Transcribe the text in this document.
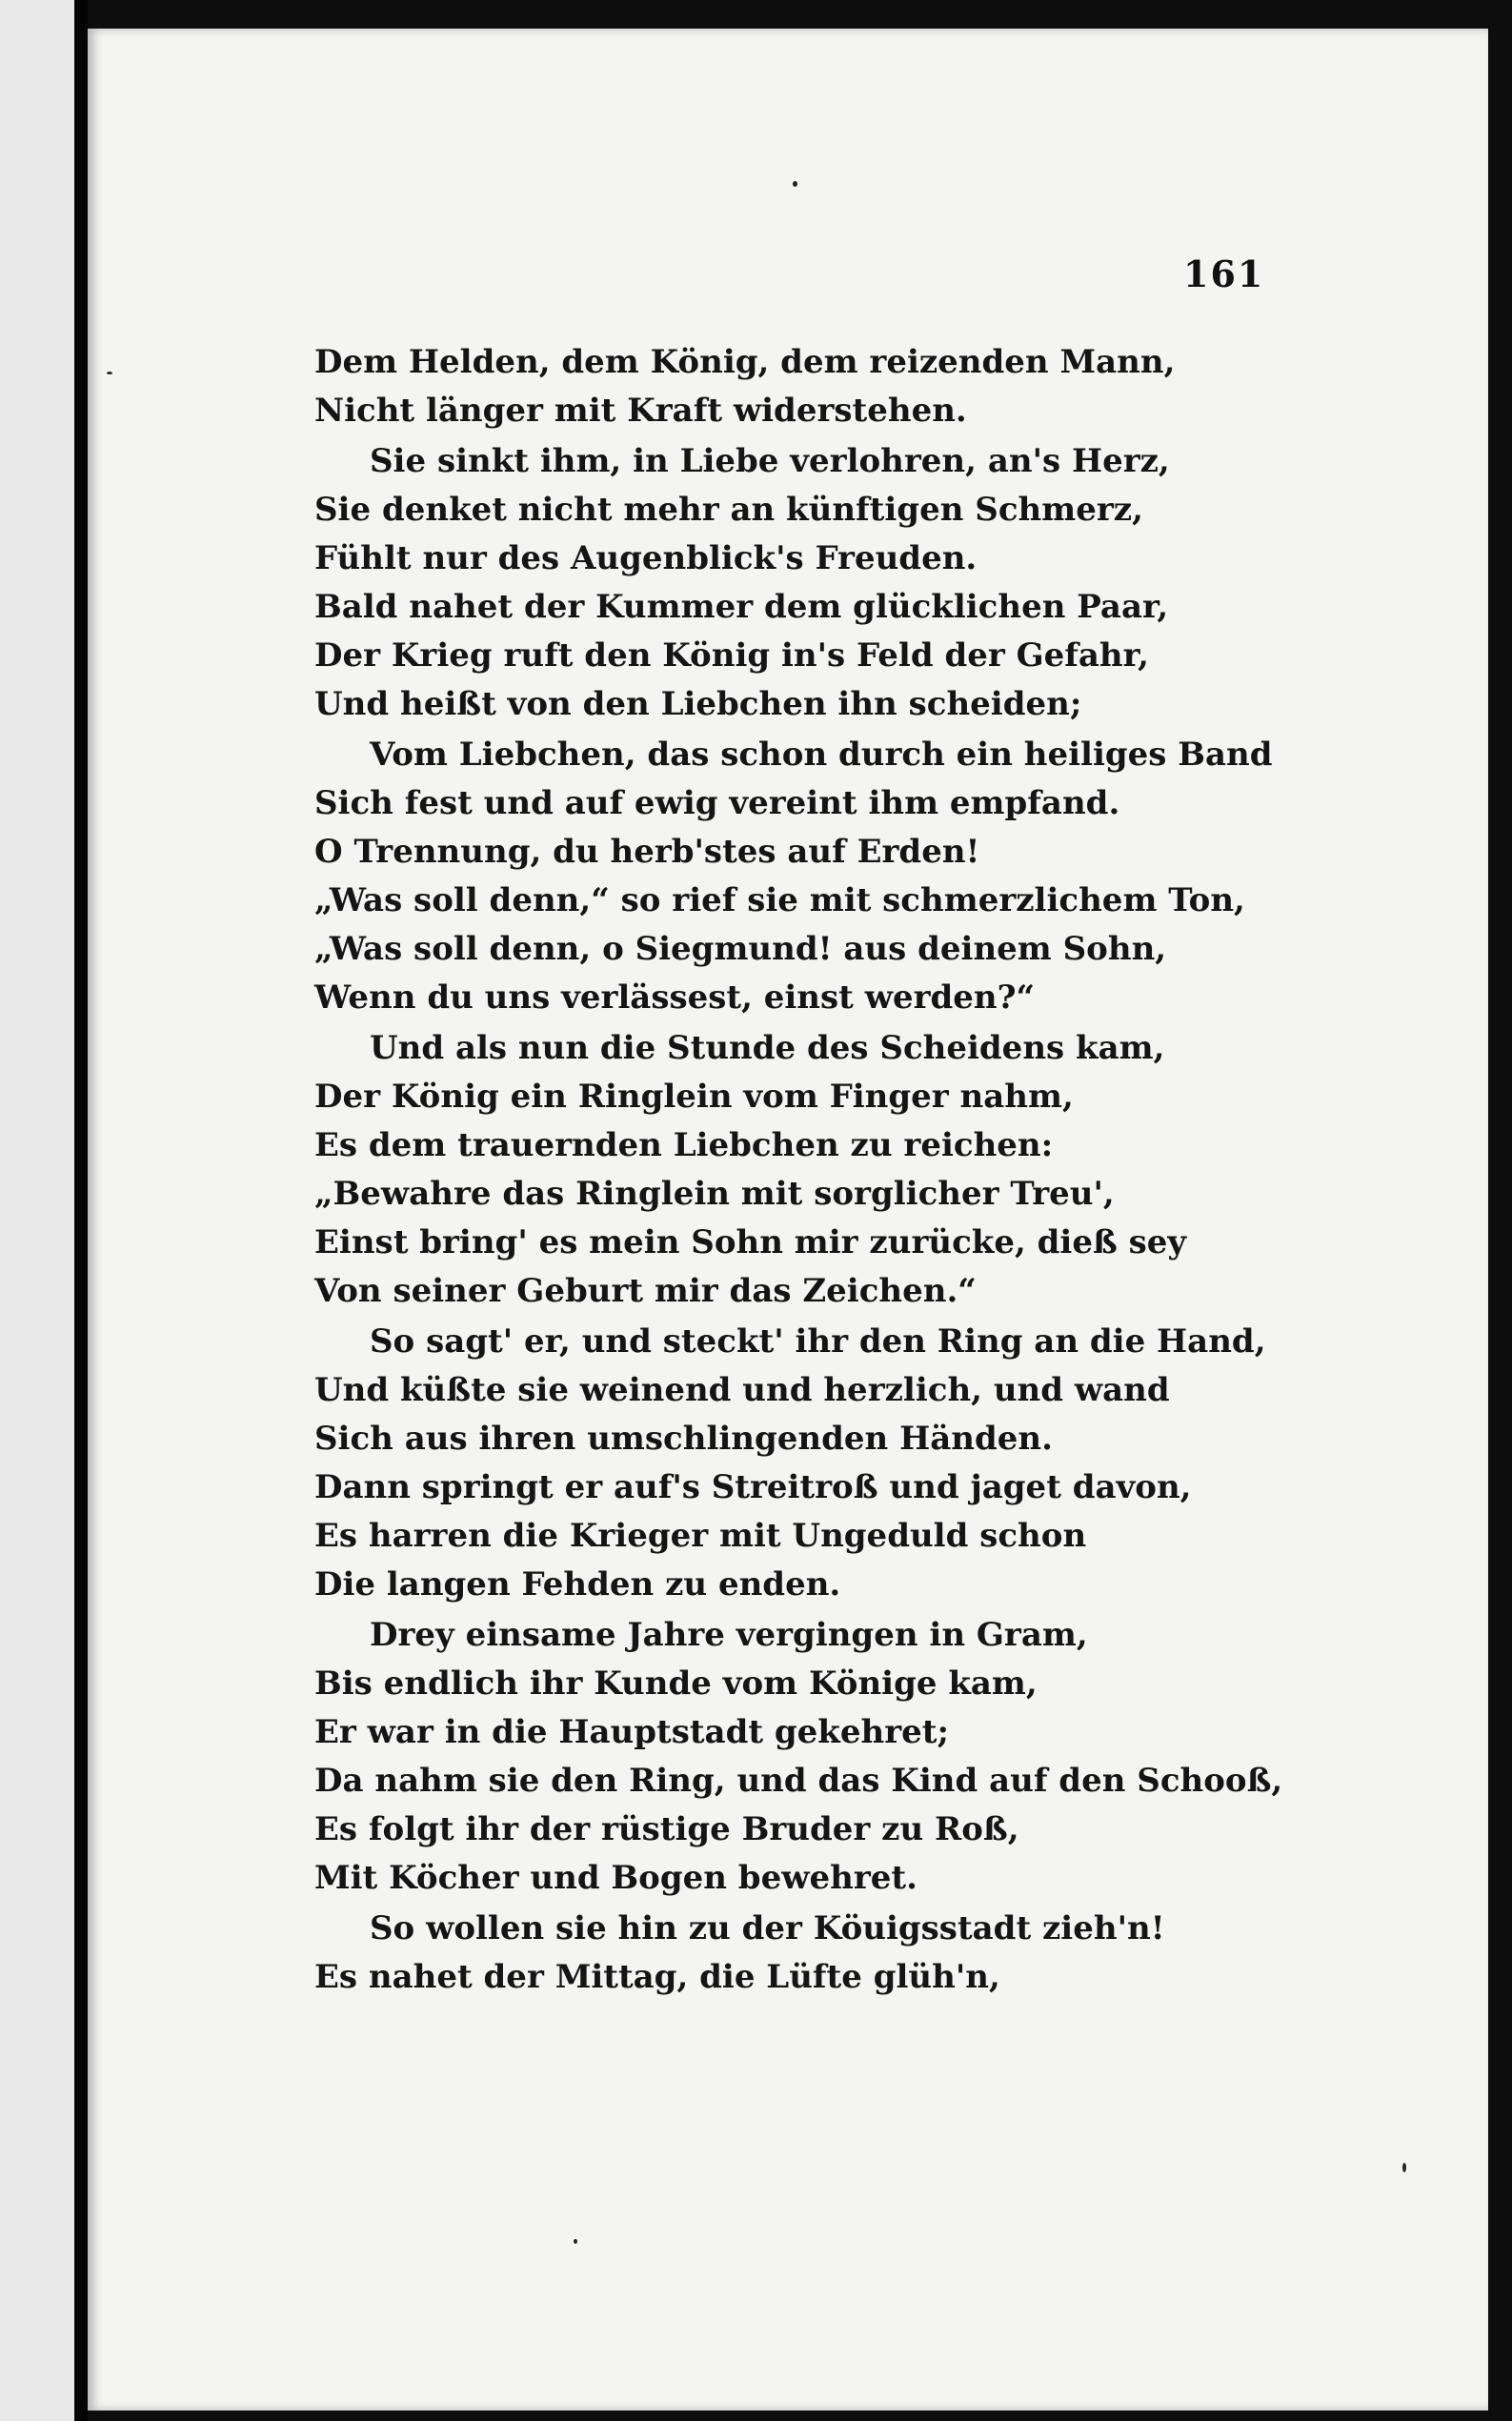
161
Dem Helden, dem König, dem reizenden Mann,
Nicht länger mit Kraft widerstehen.
Sie sinkt ihm, in Liebe verlohren, an's Herz,
Sie denket nicht mehr an künftigen Schmerz,
Fühlt nur des Augenblick's Freuden.
Bald nahet der Kummer dem glücklichen Paar,
Der Krieg ruft den König in's Feld der Gefahr,
Und heißt von den Liebchen ihn scheiden;
Vom Liebchen, das schon durch ein heiliges Band
Sich fest und auf ewig vereint ihm empfand.
O Trennung, du herb'stes auf Erden!
„Was soll denn,“ so rief sie mit schmerzlichem Ton,
„Was soll denn, o Siegmund! aus deinem Sohn,
Wenn du uns verlässest, einst werden?“
Und als nun die Stunde des Scheidens kam,
Der König ein Ringlein vom Finger nahm,
Es dem trauernden Liebchen zu reichen:
„Bewahre das Ringlein mit sorglicher Treu',
Einst bring' es mein Sohn mir zurücke, dieß sey
Von seiner Geburt mir das Zeichen.“
So sagt' er, und steckt' ihr den Ring an die Hand,
Und küßte sie weinend und herzlich, und wand
Sich aus ihren umschlingenden Händen.
Dann springt er auf's Streitroß und jaget davon,
Es harren die Krieger mit Ungeduld schon
Die langen Fehden zu enden.
Drey einsame Jahre vergingen in Gram,
Bis endlich ihr Kunde vom Könige kam,
Er war in die Hauptstadt gekehret;
Da nahm sie den Ring, und das Kind auf den Schooß,
Es folgt ihr der rüstige Bruder zu Roß,
Mit Köcher und Bogen bewehret.
So wollen sie hin zu der Köuigsstadt zieh'n!
Es nahet der Mittag, die Lüfte glüh'n,
